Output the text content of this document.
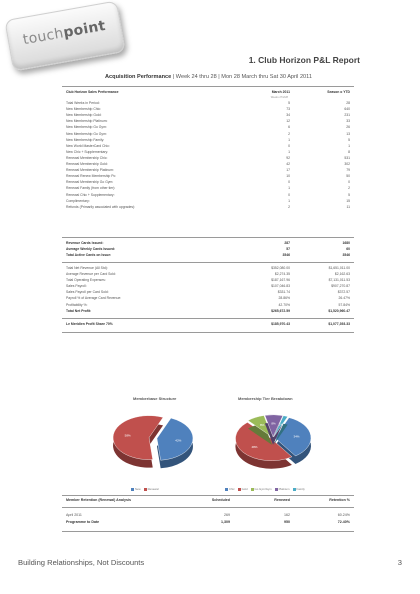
touchpoint
1. Club Horizon P&L Report
Acquisition Performance | Week 24 thru 28 | Mon 28 March thru Sat 30 April 2011
Club Horizon Sales Performance	March 2011	Season o YTD
Weeks 27/2/28
Total Weeks in Period:	5	28
New Membership Chic:	73	640
New Membership Gold:	34	231
New Membership Platinum:	12	33
New Membership Go Gym:	6	26
New Membership Go Gym:	2	13
New Membership Family:	1	5
New World MasterCard Chic:	0	1
New Chic + Supplementary:	1	8
Renewal Membership Chic:	92	531
Renewal Membership Gold:	42	302
Renewal Membership Platinum:	17	79
Renewal Renew Membership Pc:	10	50
Renewal Membership Go Gym:	0	0
Renewal Family (from other tier):	1	2
Renewal Chic + Supplementary:	0	5
Complimentary:	1	15
Refunds (Primarily associated with upgrades):	2	11
Revenue Cards Issued:	287	1680
Average Weekly Cards Issued:	57	60
Total Active Cards on Issue:	3546	3546
Total Net Revenue (All Std):	$352,080.00	$1,651,011.00
Average Revenue per Card Sold:	$2,274.35	$2,162.63
Total Operating Expenses:	$187,167.96	$7,131,011.53
Sales Payroll:	$107,046.83	$907,270.87
Sales Payroll per Card Sold:	$331.74	$372.57
Payroll % of Average Card Revenue:	28.86%	26.47%
Profitability %:	42.70%	57.84%
Total Net Profit:	$265,672.59	$1,520,960.47
Le Meridien Profit Share 70%	$185,970.43	$1,077,393.33
Memberbase Structure	Membership Tier Breakdown
42%
58%	34%
48%
8% 8% 2%
New	Renewal	Chic	Gold	Go Gym/Gym	Platinum	Family
Member Retention (Renewal) Analysis	Scheduled	Renewed	Retention %
April 2011	269	162	60.24%
Programme to Date	1,309	950	72.40%
Building Relationships, Not Discounts	3
